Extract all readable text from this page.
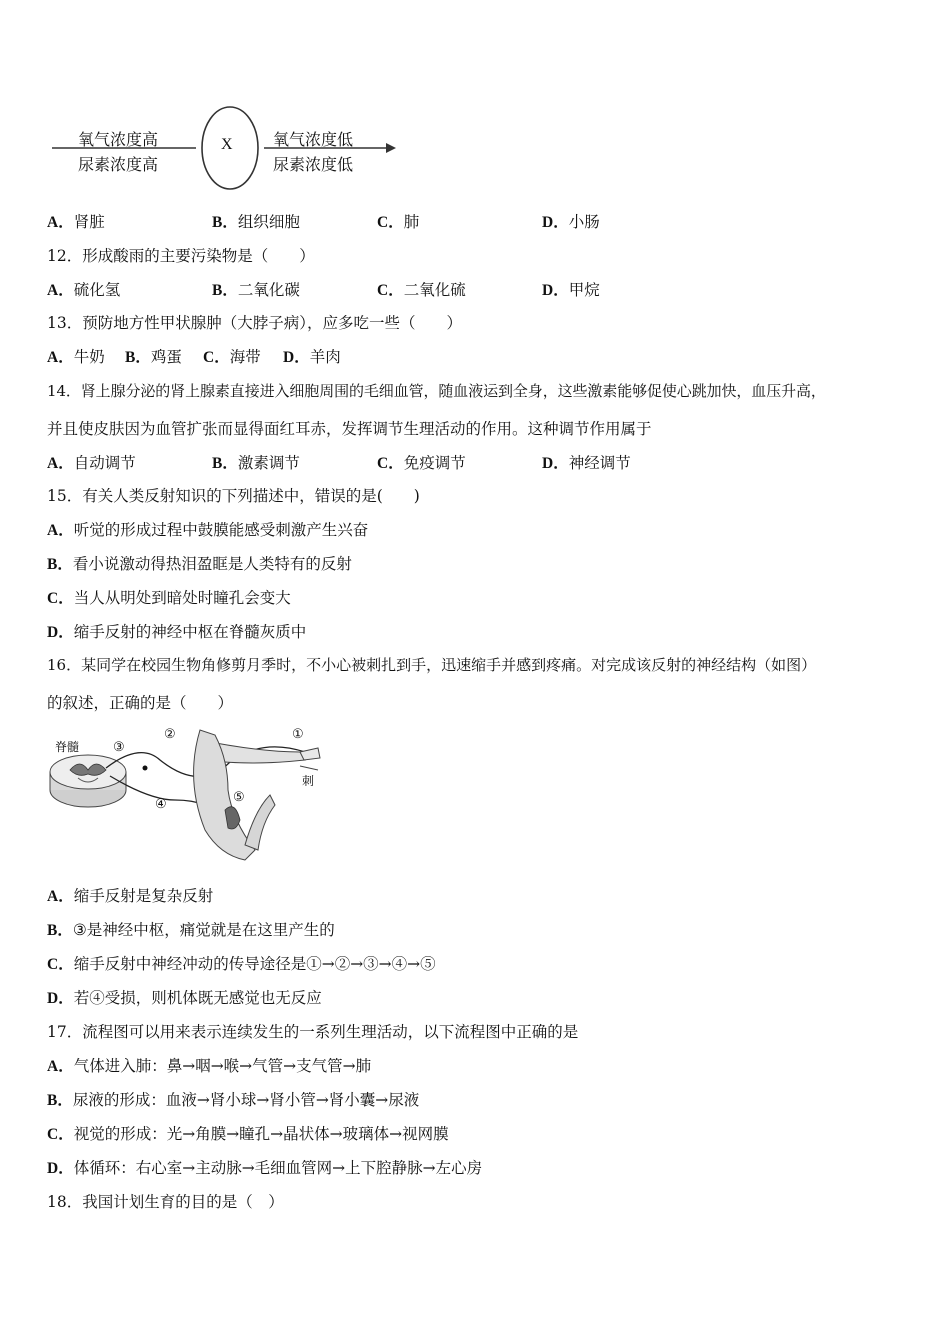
氧气浓度高
尿素浓度高
X	氧气浓度低
尿素浓度低
A．肾脏	B．组织细胞	C．肺	D．小肠
12．形成酸雨的主要污染物是（　　）
A．硫化氢	B．二氧化碳	C．二氧化硫	D．甲烷
13．预防地方性甲状腺肿（大脖子病），应多吃一些（　　）
A．牛奶 B．鸡蛋 C．海带 D．羊肉
14．肾上腺分泌的肾上腺素直接进入细胞周围的毛细血管，随血液运到全身，这些激素能够促使心跳加快，血压升高，
并且使皮肤因为血管扩张而显得面红耳赤，发挥调节生理活动的作用。这种调节作用属于
A．自动调节	B．激素调节	C．免疫调节	D．神经调节
15．有关人类反射知识的下列描述中，错误的是(　　)
A．听觉的形成过程中鼓膜能感受刺激产生兴奋
B．看小说激动得热泪盈眶是人类特有的反射
C．当人从明处到暗处时瞳孔会变大
D．缩手反射的神经中枢在脊髓灰质中
16．某同学在校园生物角修剪月季时，不小心被刺扎到手，迅速缩手并感到疼痛。对完成该反射的神经结构（如图）
的叙述，正确的是（　　）
脊髓	③
②	①
刺
④	⑤
A．缩手反射是复杂反射
B．③是神经中枢，痛觉就是在这里产生的
C．缩手反射中神经冲动的传导途径是①→②→③→④→⑤
D．若④受损，则机体既无感觉也无反应
17．流程图可以用来表示连续发生的一系列生理活动，以下流程图中正确的是
A．气体进入肺：鼻→咽→喉→气管→支气管→肺
B．尿液的形成：血液→肾小球→肾小管→肾小囊→尿液
C．视觉的形成：光→角膜→瞳孔→晶状体→玻璃体→视网膜
D．体循环：右心室→主动脉→毛细血管网→上下腔静脉→左心房
18．我国计划生育的目的是（　）
